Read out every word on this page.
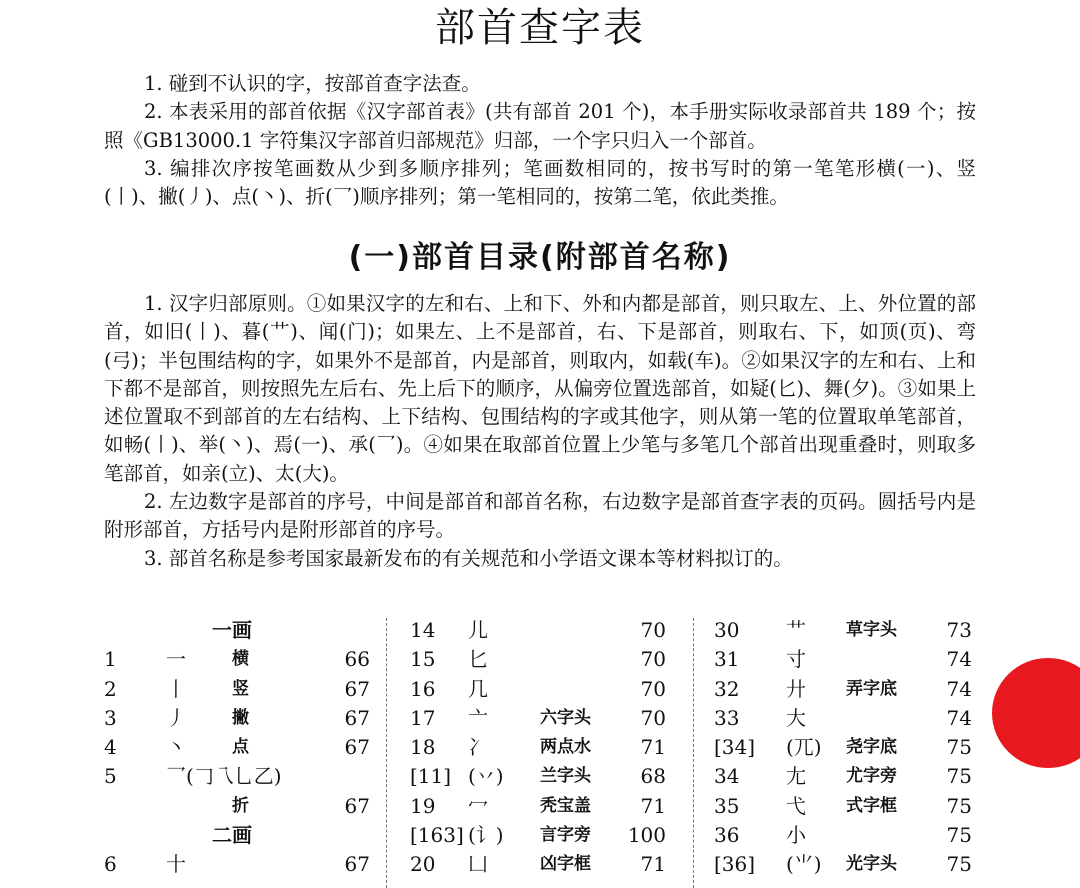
部首查字表

1. 碰到不认识的字，按部首查字法查。

2. 本表采用的部首依据《汉字部首表》(共有部首 201 个)，本手册实际收录部首共 189 个；按照《GB13000.1 字符集汉字部首归部规范》归部，一个字只归入一个部首。

3. 编排次序按笔画数从少到多顺序排列；笔画数相同的，按书写时的第一笔笔形横(一)、竖(丨)、撇(丿)、点(丶)、折(乛)顺序排列；第一笔相同的，按第二笔，依此类推。

(一)部首目录(附部首名称)

1. 汉字归部原则。①如果汉字的左和右、上和下、外和内都是部首，则只取左、上、外位置的部首，如旧(丨)、暮(艹)、闻(门)；如果左、上不是部首，右、下是部首，则取右、下，如顶(页)、弯(弓)；半包围结构的字，如果外不是部首，内是部首，则取内，如载(车)。②如果汉字的左和右、上和下都不是部首，则按照先左后右、先上后下的顺序，从偏旁位置选部首，如疑(匕)、舞(夕)。③如果上述位置取不到部首的左右结构、上下结构、包围结构的字或其他字，则从第一笔的位置取单笔部首，如畅(丨)、举(丶)、焉(一)、承(乛)。④如果在取部首位置上少笔与多笔几个部首出现重叠时，则取多笔部首，如亲(立)、太(大)。

2. 左边数字是部首的序号，中间是部首和部首名称，右边数字是部首查字表的页码。圆括号内是附形部首，方括号内是附形部首的序号。

3. 部首名称是参考国家最新发布的有关规范和小学语文课本等材料拟订的。

一画
1 一	横	66
2 丨	竖	67
3 丿	撇	67
4 丶	点	67
5 乛(𠃌乁乚乙)
折	67
二画
6 十	67
14 儿	70
15 匕	70
16 几	70
17 亠	六字头 70
18 冫	两点水 71
[11] (丷) 兰字头 68
19 冖	秃宝盖 71
[163] (讠) 言字旁 100
20 凵	凶字框 71
30 艹 草字头 73
31 寸	74
32 廾 弄字底 74
33 大	74
[34] (兀) 尧字底 75
34 尢 尤字旁 75
35 弋 式字框 75
36 小	75
[36] (⺌) 光字头 75
